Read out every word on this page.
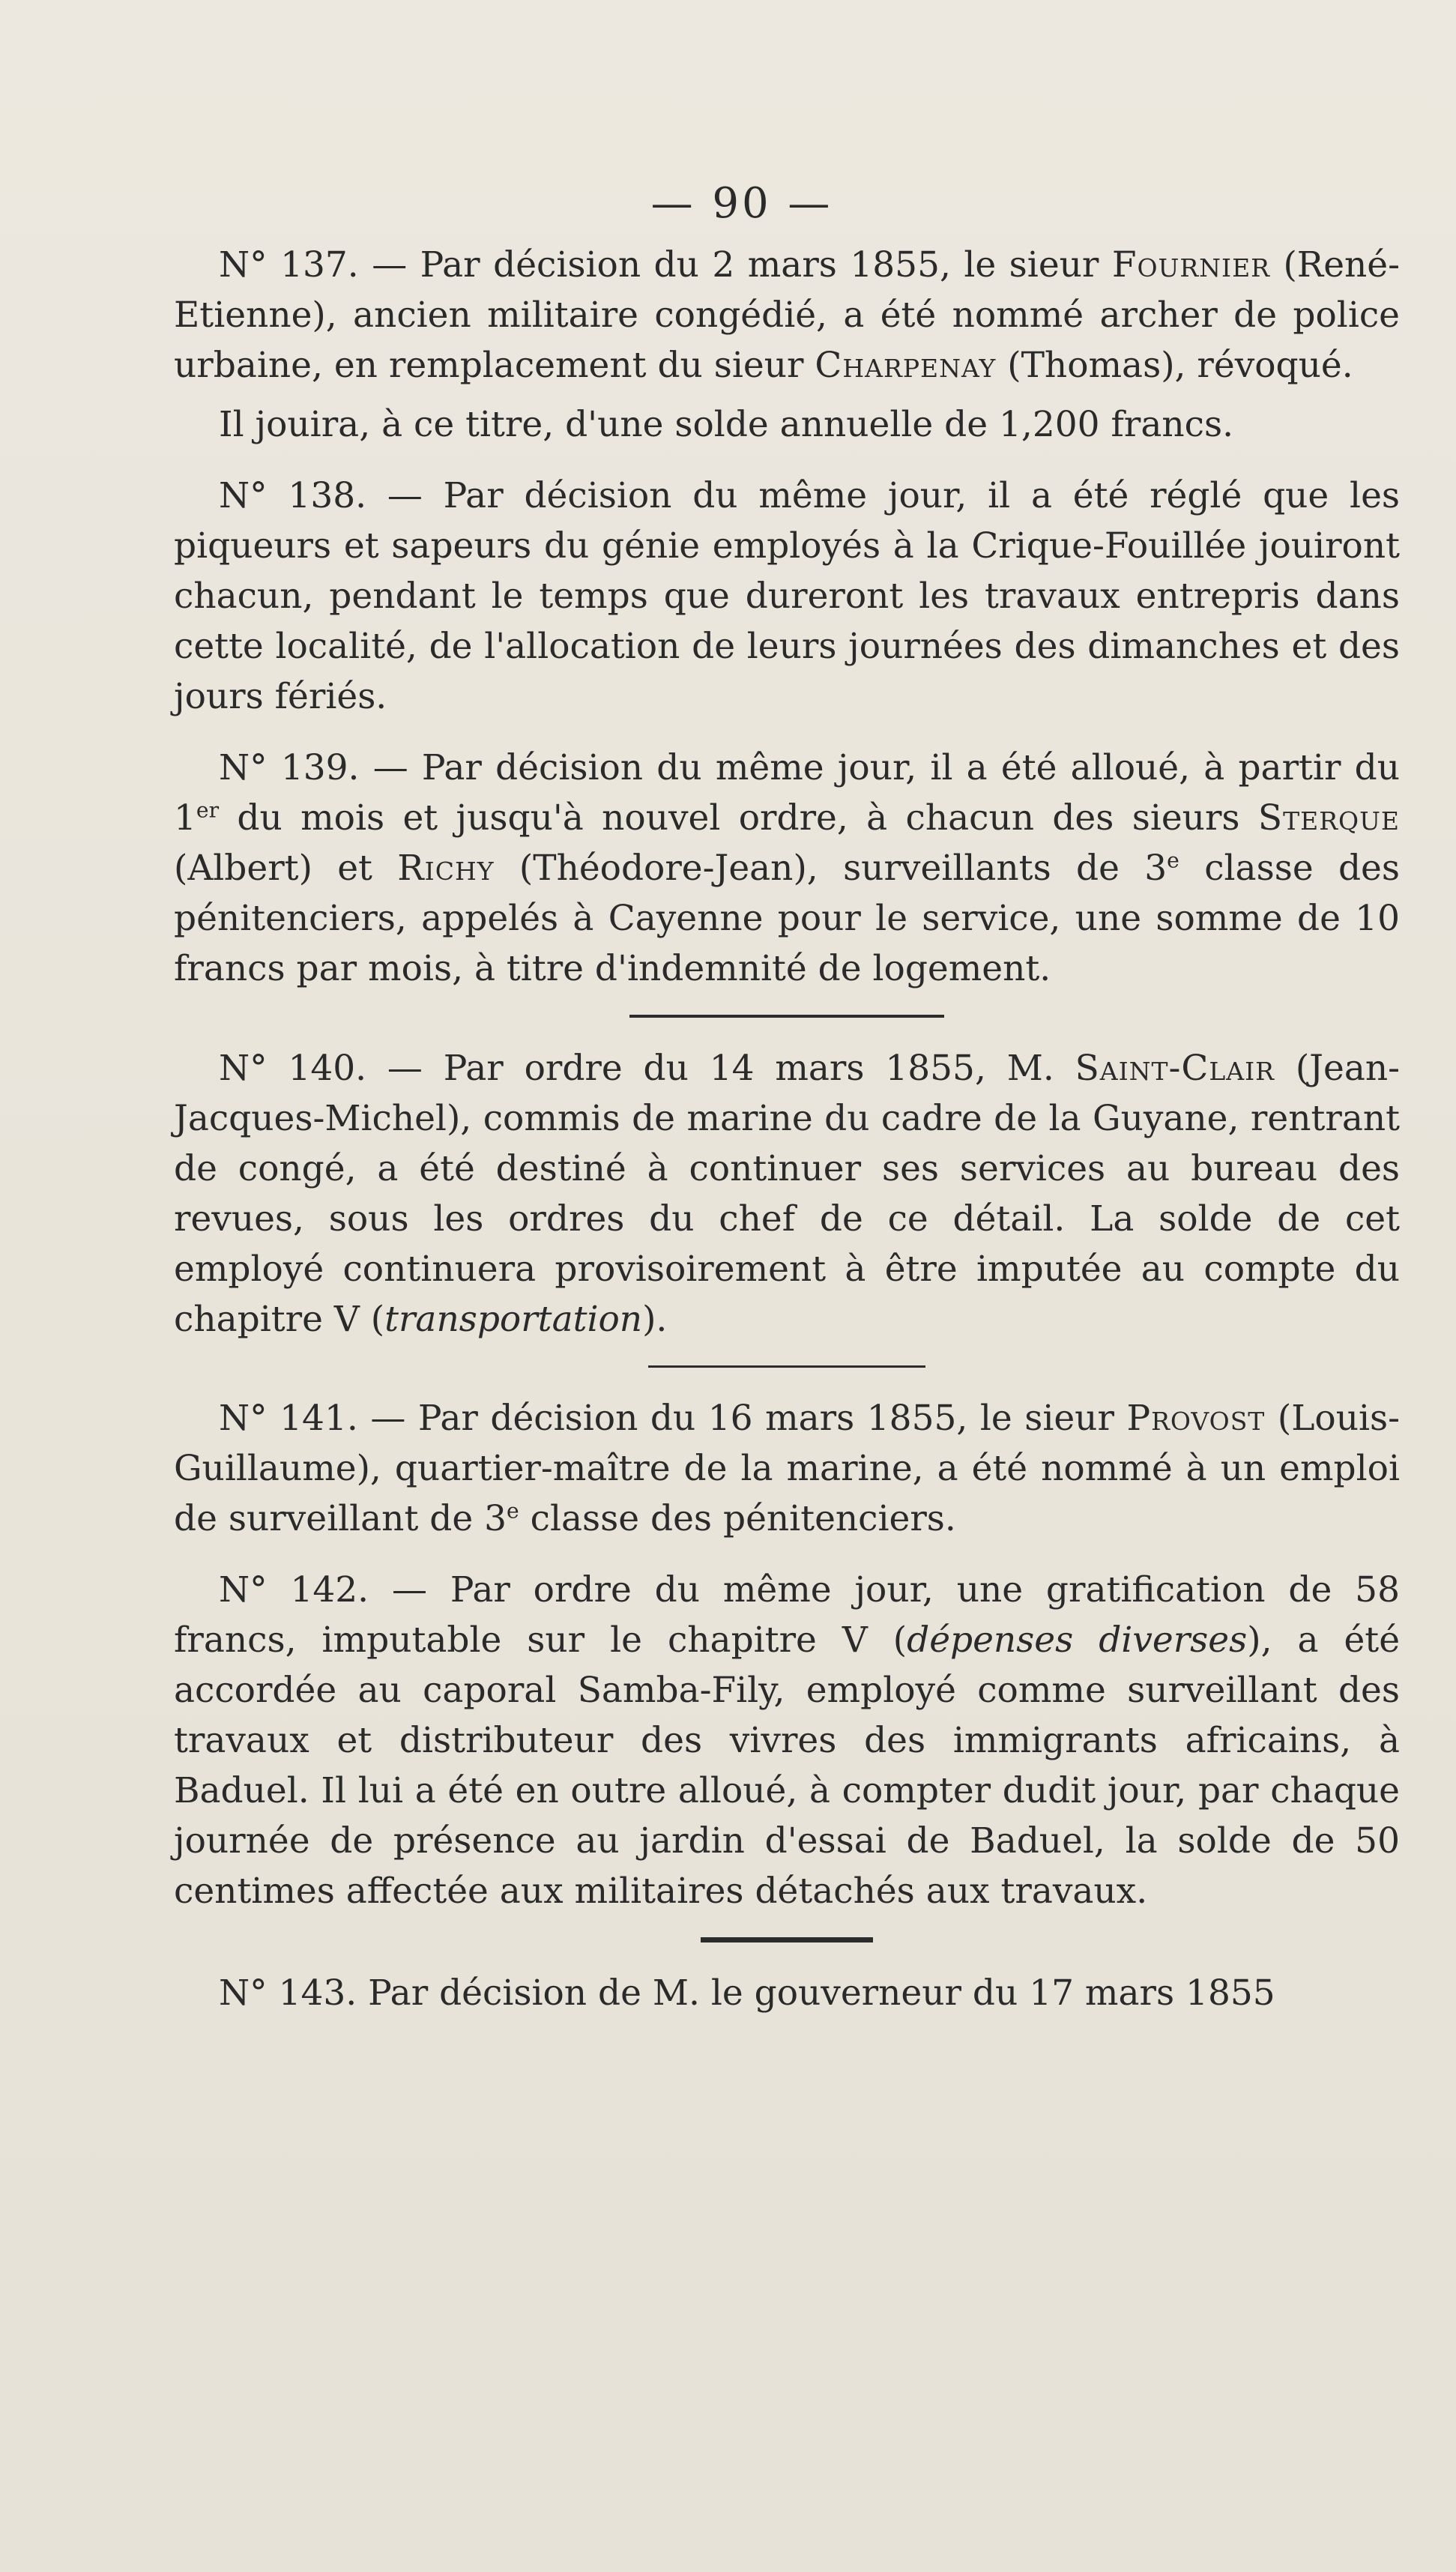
— 90 —

N° 137. — Par décision du 2 mars 1855, le sieur Fournier (René-Etienne), ancien militaire congédié, a été nommé archer de police urbaine, en remplacement du sieur Charpenay (Thomas), révoqué.

Il jouira, à ce titre, d'une solde annuelle de 1,200 francs.

N° 138. — Par décision du même jour, il a été réglé que les piqueurs et sapeurs du génie employés à la Crique-Fouillée jouiront chacun, pendant le temps que dureront les travaux entrepris dans cette localité, de l'allocation de leurs journées des dimanches et des jours fériés.

N° 139. — Par décision du même jour, il a été alloué, à partir du 1er du mois et jusqu'à nouvel ordre, à chacun des sieurs Sterque (Albert) et Richy (Théodore-Jean), surveillants de 3e classe des pénitenciers, appelés à Cayenne pour le service, une somme de 10 francs par mois, à titre d'indemnité de logement.

N° 140. — Par ordre du 14 mars 1855, M. Saint-Clair (Jean-Jacques-Michel), commis de marine du cadre de la Guyane, rentrant de congé, a été destiné à continuer ses services au bureau des revues, sous les ordres du chef de ce détail. La solde de cet employé continuera provisoirement à être imputée au compte du chapitre V (transportation).

N° 141. — Par décision du 16 mars 1855, le sieur Provost (Louis-Guillaume), quartier-maître de la marine, a été nommé à un emploi de surveillant de 3e classe des pénitenciers.

N° 142. — Par ordre du même jour, une gratification de 58 francs, imputable sur le chapitre V (dépenses diverses), a été accordée au caporal Samba-Fily, employé comme surveillant des travaux et distributeur des vivres des immigrants africains, à Baduel. Il lui a été en outre alloué, à compter dudit jour, par chaque journée de présence au jardin d'essai de Baduel, la solde de 50 centimes affectée aux militaires détachés aux travaux.

N° 143. Par décision de M. le gouverneur du 17 mars 1855
